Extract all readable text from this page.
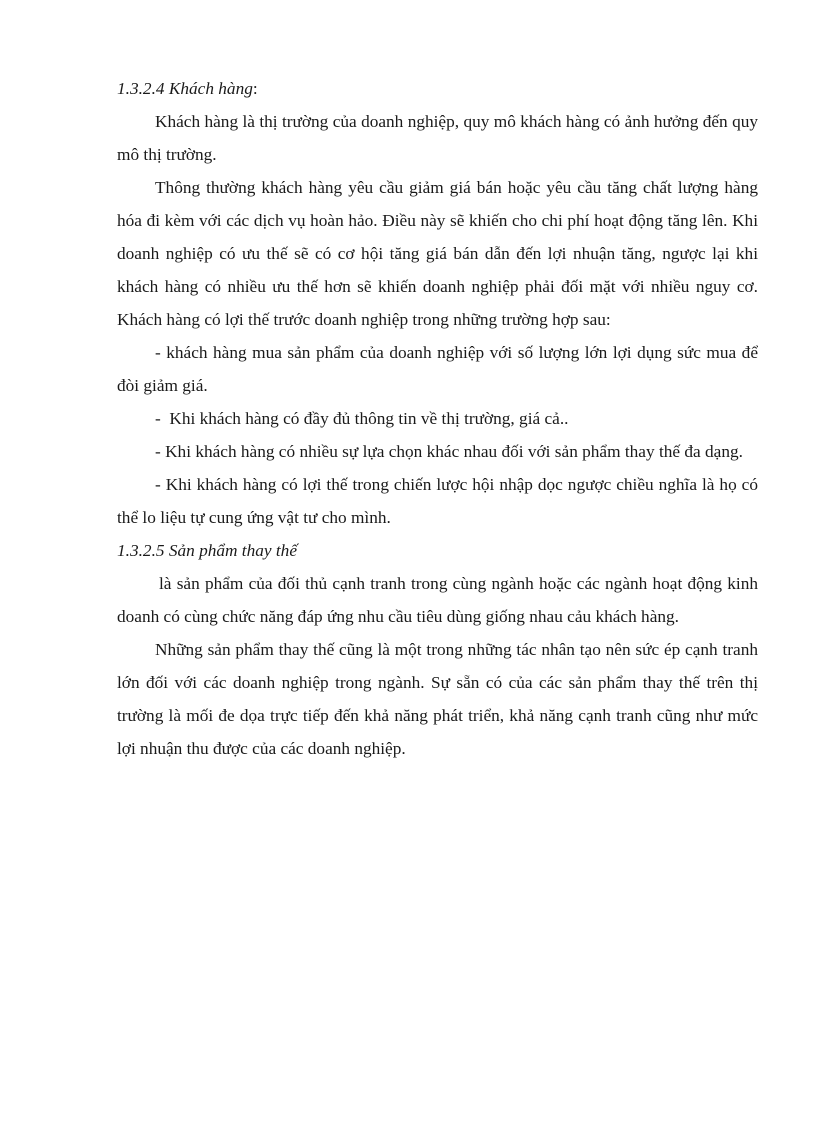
1.3.2.4 Khách hàng:

Khách hàng là thị trường của doanh nghiệp, quy mô khách hàng có ảnh hưởng đến quy mô thị trường.

Thông thường khách hàng yêu cầu giảm giá bán hoặc yêu cầu tăng chất lượng hàng hóa đi kèm với các dịch vụ hoàn hảo. Điều này sẽ khiến cho chi phí hoạt động tăng lên. Khi doanh nghiệp có ưu thế sẽ có cơ hội tăng giá bán dẫn đến lợi nhuận tăng, ngược lại khi khách hàng có nhiều ưu thế hơn sẽ khiến doanh nghiệp phải đối mặt với nhiều nguy cơ. Khách hàng có lợi thế trước doanh nghiệp trong những trường hợp sau:

- khách hàng mua sản phẩm của doanh nghiệp với số lượng lớn lợi dụng sức mua để đòi giảm giá.

-  Khi khách hàng có đầy đủ thông tin về thị trường, giá cả..

- Khi khách hàng có nhiều sự lựa chọn khác nhau đối với sản phẩm thay thế đa dạng.

- Khi khách hàng có lợi thế trong chiến lược hội nhập dọc ngược chiều nghĩa là họ có thể lo liệu tự cung ứng vật tư cho mình.

1.3.2.5 Sản phẩm thay thế

là sản phẩm của đối thủ cạnh tranh trong cùng ngành hoặc các ngành hoạt động kinh doanh có cùng chức năng đáp ứng nhu cầu tiêu dùng giống nhau cảu khách hàng.

Những sản phẩm thay thế cũng là một trong những tác nhân tạo nên sức ép cạnh tranh lớn đối với các doanh nghiệp trong ngành. Sự sẵn có của các sản phẩm thay thế trên thị trường là mối đe dọa trực tiếp đến khả năng phát triển, khả năng cạnh tranh cũng như mức lợi nhuận thu được của các doanh nghiệp.
